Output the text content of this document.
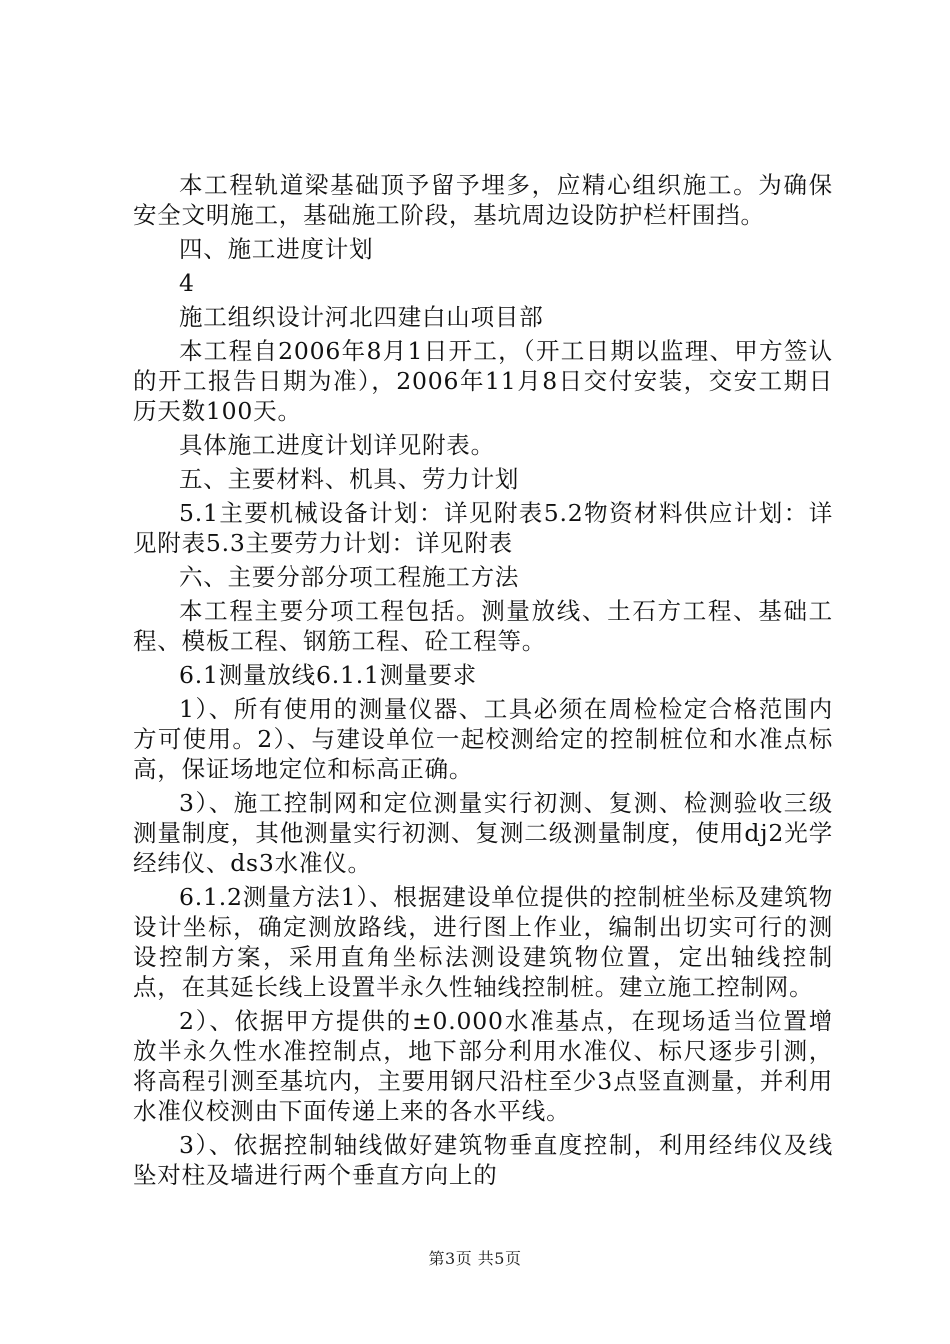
本工程轨道梁基础顶予留予埋多，应精心组织施工。为确保安全文明施工，基础施工阶段，基坑周边设防护栏杆围挡。

四、施工进度计划

4

施工组织设计河北四建白山项目部

本工程自2006年8月1日开工，（开工日期以监理、甲方签认的开工报告日期为准），2006年11月8日交付安装，交安工期日历天数100天。

具体施工进度计划详见附表。

五、主要材料、机具、劳力计划

5.1主要机械设备计划：详见附表5.2物资材料供应计划：详见附表5.3主要劳力计划：详见附表

六、主要分部分项工程施工方法

本工程主要分项工程包括。测量放线、土石方工程、基础工程、模板工程、钢筋工程、砼工程等。

6.1测量放线6.1.1测量要求

1）、所有使用的测量仪器、工具必须在周检检定合格范围内方可使用。2）、与建设单位一起校测给定的控制桩位和水准点标高，保证场地定位和标高正确。

3）、施工控制网和定位测量实行初测、复测、检测验收三级测量制度，其他测量实行初测、复测二级测量制度，使用dj2光学经纬仪、ds3水准仪。

6.1.2测量方法1）、根据建设单位提供的控制桩坐标及建筑物设计坐标，确定测放路线，进行图上作业，编制出切实可行的测设控制方案，采用直角坐标法测设建筑物位置，定出轴线控制点，在其延长线上设置半永久性轴线控制桩。建立施工控制网。

2）、依据甲方提供的±0.000水准基点，在现场适当位置增放半永久性水准控制点，地下部分利用水准仪、标尺逐步引测，将高程引测至基坑内，主要用钢尺沿柱至少3点竖直测量，并利用水准仪校测由下面传递上来的各水平线。

3）、依据控制轴线做好建筑物垂直度控制，利用经纬仪及线坠对柱及墙进行两个垂直方向上的

第3页 共5页
